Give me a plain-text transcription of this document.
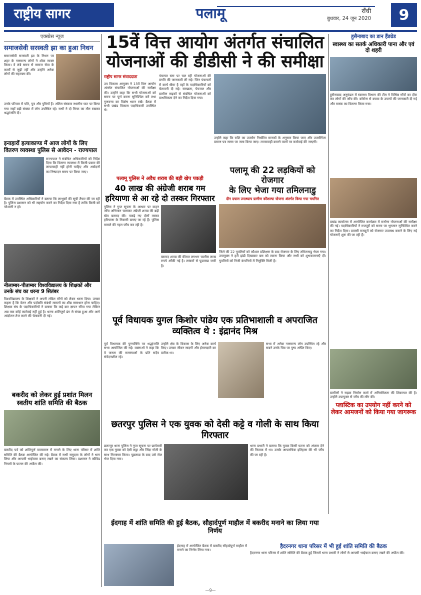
राष्ट्रीय सागर	पलामू	राँची
बुधवार, 24 जून 2020	9
एक्स्प्रेस न्यूज
समाजसेवी सरस्वती झा का हुआ निधन
समाजसेवी सरस्वती झा के निधन पर शहर के गणमान्य लोगों ने शोक व्यक्त किया। वे लंबे समय से समाज सेवा के कार्यों से जुड़ी रहीं और उन्होंने अनेक लोगों की सहायता की।
उनके परिवार में पति, पुत्र और पुत्रियाँ हैं। अंतिम संस्कार स्थानीय घाट पर किया गया जहाँ बड़ी संख्या में लोग उपस्थित रहे। सभी ने दो मिनट का मौन रखकर श्रद्धांजलि दी।
इनाहारों हत्याकाण्ड में आज लोगों के लिए वितरण व्यवस्था पुलिस से आवेदन - राज्यपाल
राज्यपाल ने संबंधित अधिकारियों को निर्देश दिया कि वितरण व्यवस्था में किसी प्रकार की लापरवाही नहीं होनी चाहिए और आवेदनों का निष्पादन समय पर किया जाए।
बैठक में उपस्थित अधिकारियों ने बताया कि लाभुकों की सूची तैयार की जा रही है। पुलिस प्रशासन को भी सहयोग करने का निर्देश दिया गया है ताकि किसी को परेशानी न हो।
नीलाम्बर-पीताम्बर विश्वविद्यालय के शिक्षकों और उनके संघ का धरना 9 सितंबर
विश्वविद्यालय के शिक्षकों ने अपनी लंबित माँगों को लेकर धरना दिया। उनका कहना है कि वेतन और पदोन्नति संबंधी मामलों का शीघ्र समाधान होना चाहिए। शिक्षक संघ के पदाधिकारियों ने बताया कि कई बार ज्ञापन सौंपा गया लेकिन अब तक कोई कार्रवाई नहीं हुई है। धरना शांतिपूर्ण ढंग से संपन्न हुआ और आगे आंदोलन तेज करने की चेतावनी दी गई।
बकरीद को लेकर हुई प्रशांत मिलन
स्वतीय शांति समिति की बैठक
बकरीद पर्व को शांतिपूर्ण वातावरण में मनाने के लिए थाना परिसर में शांति समिति की बैठक आयोजित की गई। बैठक में सभी समुदाय के लोगों ने भाग लिया और आपसी भाईचारा बनाए रखने का संकल्प लिया। प्रशासन ने कोविड नियमों के पालन की अपील की।
15वें वित्त आयोग अंतर्गत संचालित योजनाओं की डीडीसी ने की समीक्षा
राष्ट्रीय सागर संवाददाता
उप विकास आयुक्त ने 15वें वित्त आयोग अंतर्गत संचालित योजनाओं की समीक्षा की। उन्होंने कहा कि सभी योजनाओं को समय पर पूर्ण करना सुनिश्चित करें तथा गुणवत्ता का विशेष ध्यान रखें। बैठक में सभी प्रखंड विकास पदाधिकारी उपस्थित थे।
पंचायत स्तर पर चल रही योजनाओं की प्रगति की जानकारी ली गई। जिन पंचायतों में कार्य धीमा है वहाँ के पदाधिकारियों को चेतावनी दी गई। स्वच्छता, पेयजल और ग्रामीण सड़कों से संबंधित योजनाओं को प्राथमिकता देने का निर्देश दिया गया।
उन्होंने कहा कि राशि का उपयोग निर्धारित मानकों के अनुसार किया जाए और उपयोगिता प्रमाण पत्र समय पर जमा किया जाए। लापरवाही बरतने वालों पर कार्रवाई की जाएगी।
पलामू पुलिस ने अवैध शराब की बड़ी खेप पकड़ी
40 लाख की अंग्रेजी शराब गम हरियाणा से आ रहे दो तस्कर गिरफ्तार
पुलिस ने गुप्त सूचना के आधार पर वाहन जाँच अभियान चलाकर अंग्रेजी शराब की बड़ी खेप बरामद की। पकड़े गए दोनों तस्कर हरियाणा के निवासी बताए जा रहे हैं। पुलिस मामले की गहन जाँच कर रही है।
बरामद शराब की कीमत लगभग चालीस लाख रुपये आँकी गई है। तस्करों से पूछताछ जारी है।
पलामू की 22 लड़कियों को रोजगार
के लिए भेजा गया तमिलनाडु
दीन दयाल उपाध्याय ग्रामीण कौशल्या योजना अंतर्गत किया गया चयनित
जिले की 22 युवतियों को कौशल प्रशिक्षण के बाद रोजगार के लिए तमिलनाडु भेजा गया। उपायुक्त ने हरी झंडी दिखाकर बस को रवाना किया और सभी को शुभकामनाएँ दीं। युवतियों को निजी कंपनियों में नियुक्ति मिली है।
पूर्व विधायक युगल किशोर पांडेय एक प्रतिभाशाली व अपराजित व्यक्तित्व थे : इंद्रानंद मिश्र
पूर्व विधायक की पुण्यतिथि पर श्रद्धांजलि सभा आयोजित की गई। वक्ताओं ने कहा कि वे जनता की समस्याओं के प्रति सदैव संवेदनशील रहे।
उन्होंने क्षेत्र के विकास के लिए अनेक कार्य किए। उनका जीवन सादगी और ईमानदारी का प्रतीक था।
सभा में अनेक गणमान्य लोग उपस्थित रहे और सबने उनके चित्र पर पुष्प अर्पित किए।
छतरपुर पुलिस ने एक युवक को देसी कट्टे व गोली के साथ किया गिरफ्तार
छतरपुर थाना पुलिस ने गुप्त सूचना पर छापेमारी कर एक युवक को देसी कट्टा और जिंदा गोली के साथ गिरफ्तार किया। पूछताछ के बाद उसे जेल भेज दिया गया।
थाना प्रभारी ने बताया कि युवक किसी घटना को अंजाम देने की फिराक में था। उसके आपराधिक इतिहास की भी जाँच की जा रही है।
ईदगाह में शांति समिति की हुई बैठक, सौहार्दपूर्ण माहौल में बकरीद मनाने का लिया गया निर्णय
हुसैनाबाद का डान हैंडग्रेड
स्वास्थ्य का सतर्क अधिकारी पाना और एवं दो शहरी
हुसैनाबाद अनुमंडल में स्वास्थ्य विभाग की टीम ने विभिन्न गाँवों का दौरा कर लोगों की जाँच की। कोरोना से बचाव के उपायों की जानकारी दी गई और मास्क का वितरण किया गया।
प्रखंड कार्यालय में आयोजित कार्यक्रम में मनरेगा योजनाओं की समीक्षा की गई। पदाधिकारियों ने मजदूरों को समय पर भुगतान सुनिश्चित करने का निर्देश दिया। प्रवासी मजदूरों को रोजगार उपलब्ध कराने के लिए नई योजनाएँ शुरू की जा रही हैं।
ग्रामीणों ने सड़क निर्माण कार्य में अनियमितता की शिकायत की है। उन्होंने उपायुक्त से जाँच की माँग की।
प्लास्टिक का उपयोग नहीं करने को लेकर आमजनों को किया गया जागरूक
ईदगाह में आयोजित बैठक में बकरीद सौहार्दपूर्ण माहौल में मनाने का निर्णय लिया गया।
हैदरनगर थाना परिसर में भी हुई शांति समिति की बैठक
हैदरनगर थाना परिसर में शांति समिति की बैठक हुई जिसमें थाना प्रभारी ने लोगों से आपसी भाईचारा बनाए रखने की अपील की।
—9—
